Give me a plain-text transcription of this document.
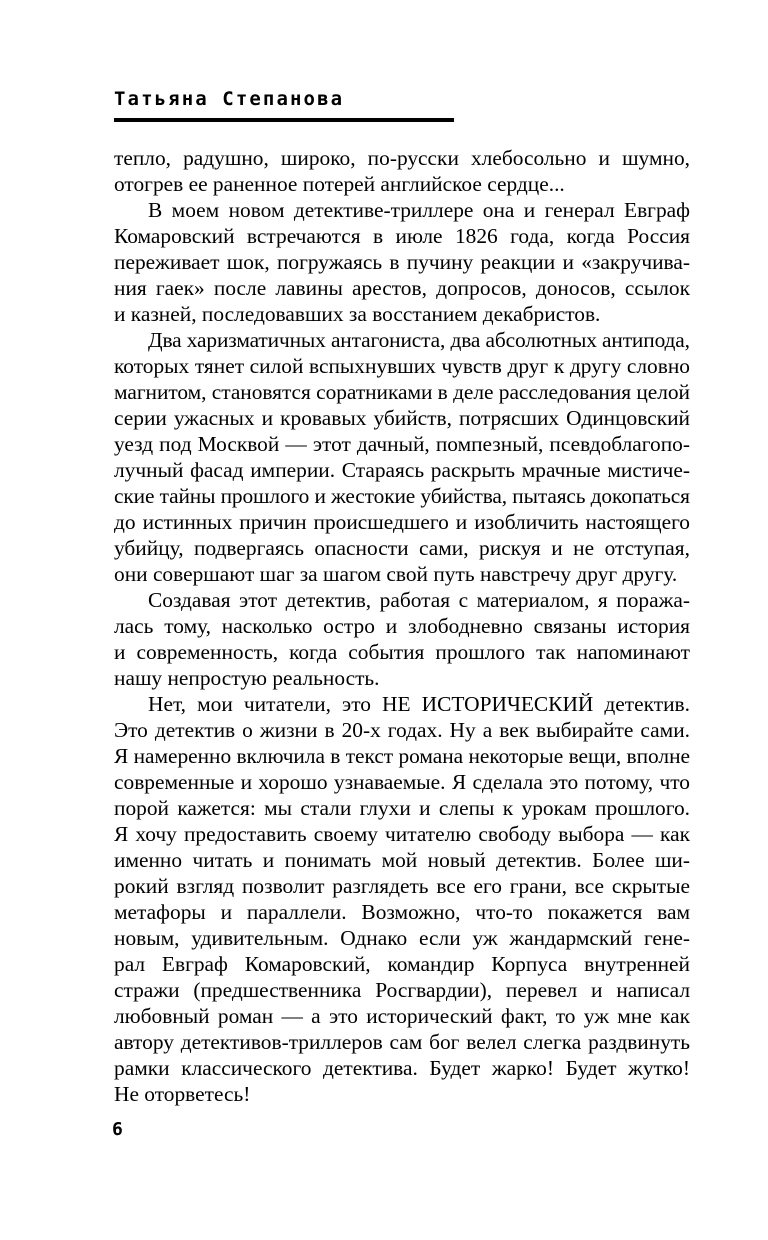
Татьяна Степанова
тепло, радушно, широко, по-русски хлебосольно и шумно,
отогрев ее раненное потерей английское сердце...
В моем новом детективе-триллере она и генерал Евграф
Комаровский встречаются в июле 1826 года, когда Россия
переживает шок, погружаясь в пучину реакции и «закручива-
ния гаек» после лавины арестов, допросов, доносов, ссылок
и казней, последовавших за восстанием декабристов.
Два харизматичных антагониста, два абсолютных антипода,
которых тянет силой вспыхнувших чувств друг к другу словно
магнитом, становятся соратниками в деле расследования целой
серии ужасных и кровавых убийств, потрясших Одинцовский
уезд под Москвой — этот дачный, помпезный, псевдоблагопо-
лучный фасад империи. Стараясь раскрыть мрачные мистиче-
ские тайны прошлого и жестокие убийства, пытаясь докопаться
до истинных причин происшедшего и изобличить настоящего
убийцу, подвергаясь опасности сами, рискуя и не отступая,
они совершают шаг за шагом свой путь навстречу друг другу.
Создавая этот детектив, работая с материалом, я поража-
лась тому, насколько остро и злободневно связаны история
и современность, когда события прошлого так напоминают
нашу непростую реальность.
Нет, мои читатели, это НЕ ИСТОРИЧЕСКИЙ детектив.
Это детектив о жизни в 20-х годах. Ну а век выбирайте сами.
Я намеренно включила в текст романа некоторые вещи, вполне
современные и хорошо узнаваемые. Я сделала это потому, что
порой кажется: мы стали глухи и слепы к урокам прошлого.
Я хочу предоставить своему читателю свободу выбора — как
именно читать и понимать мой новый детектив. Более ши-
рокий взгляд позволит разглядеть все его грани, все скрытые
метафоры и параллели. Возможно, что-то покажется вам
новым, удивительным. Однако если уж жандармский гене-
рал Евграф Комаровский, командир Корпуса внутренней
стражи (предшественника Росгвардии), перевел и написал
любовный роман — а это исторический факт, то уж мне как
автору детективов-триллеров сам бог велел слегка раздвинуть
рамки классического детектива. Будет жарко! Будет жутко!
Не оторветесь!
6
